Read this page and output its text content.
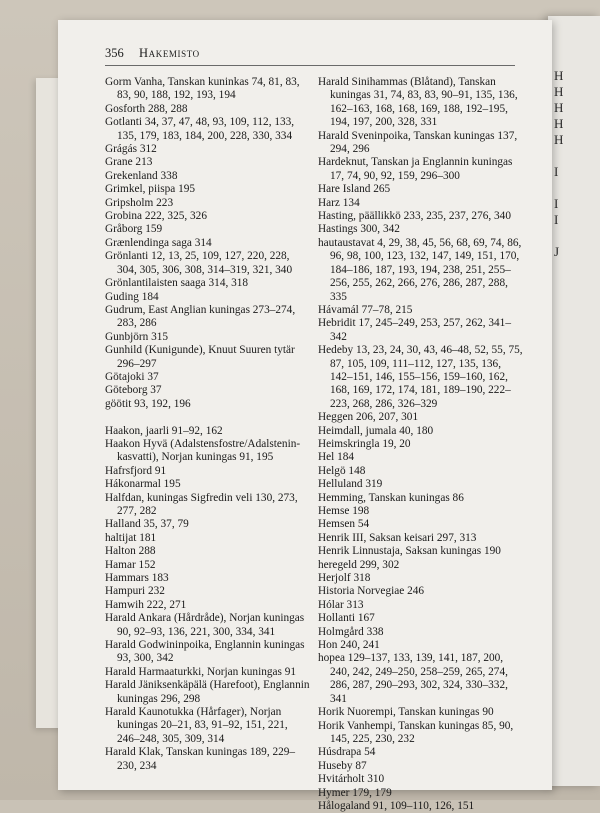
H
H
H
H
H
I
I
I
J
356 Hakemisto

Gorm Vanha, Tanskan kuninkas 74, 81, 83, 83, 90, 188, 192, 193, 194

Gosforth 288, 288

Gotlanti 34, 37, 47, 48, 93, 109, 112, 133, 135, 179, 183, 184, 200, 228, 330, 334

Grágás 312

Grane 213

Grekenland 338

Grimkel, piispa 195

Gripsholm 223

Grobina 222, 325, 326

Gråborg 159

Grænlendinga saga 314

Grönlanti 12, 13, 25, 109, 127, 220, 228, 304, 305, 306, 308, 314–319, 321, 340

Grönlantilaisten saaga 314, 318

Guding 184

Gudrum, East Anglian kuningas 273–274, 283, 286

Gunbjörn 315

Gunhild (Kunigunde), Knuut Suuren tytär 296–297

Götajoki 37

Göteborg 37

göötit 93, 192, 196

Haakon, jaarli 91–92, 162

Haakon Hyvä (Adalstensfostre/Adalstenin-kasvatti), Norjan kuningas 91, 195

Hafrsfjord 91

Hákonarmal 195

Halfdan, kuningas Sigfredin veli 130, 273, 277, 282

Halland 35, 37, 79

haltijat 181

Halton 288

Hamar 152

Hammars 183

Hampuri 232

Hamwih 222, 271

Harald Ankara (Hårdråde), Norjan kuningas 90, 92–93, 136, 221, 300, 334, 341

Harald Godwininpoika, Englannin kuningas 93, 300, 342

Harald Harmaaturkki, Norjan kuningas 91

Harald Jäniksenkäpälä (Harefoot), Englannin kuningas 296, 298

Harald Kaunotukka (Hårfager), Norjan kuningas 20–21, 83, 91–92, 151, 221, 246–248, 305, 309, 314

Harald Klak, Tanskan kuningas 189, 229–230, 234

Harald Sinihammas (Blåtand), Tanskan kuningas 31, 74, 83, 83, 90–91, 135, 136, 162–163, 168, 168, 169, 188, 192–195, 194, 197, 200, 328, 331

Harald Sveninpoika, Tanskan kuningas 137, 294, 296

Hardeknut, Tanskan ja Englannin kuningas 17, 74, 90, 92, 159, 296–300

Hare Island 265

Harz 134

Hasting, päällikkö 233, 235, 237, 276, 340

Hastings 300, 342

hautaustavat 4, 29, 38, 45, 56, 68, 69, 74, 86, 96, 98, 100, 123, 132, 147, 149, 151, 170, 184–186, 187, 193, 194, 238, 251, 255–256, 255, 262, 266, 276, 286, 287, 288, 335

Hávamál 77–78, 215

Hebridit 17, 245–249, 253, 257, 262, 341–342

Hedeby 13, 23, 24, 30, 43, 46–48, 52, 55, 75, 87, 105, 109, 111–112, 127, 135, 136, 142–151, 146, 155–156, 159–160, 162, 168, 169, 172, 174, 181, 189–190, 222–223, 268, 286, 326–329

Heggen 206, 207, 301

Heimdall, jumala 40, 180

Heimskringla 19, 20

Hel 184

Helgö 148

Helluland 319

Hemming, Tanskan kuningas 86

Hemse 198

Hemsen 54

Henrik III, Saksan keisari 297, 313

Henrik Linnustaja, Saksan kuningas 190

heregeld 299, 302

Herjolf 318

Historia Norvegiae 246

Hólar 313

Hollanti 167

Holmgård 338

Hon 240, 241

hopea 129–137, 133, 139, 141, 187, 200, 240, 242, 249–250, 258–259, 265, 274, 286, 287, 290–293, 302, 324, 330–332, 341

Horik Nuorempi, Tanskan kuningas 90

Horik Vanhempi, Tanskan kuningas 85, 90, 145, 225, 230, 232

Húsdrapa 54

Huseby 87

Hvitárholt 310

Hymer 179, 179

Hålogaland 91, 109–110, 126, 151
